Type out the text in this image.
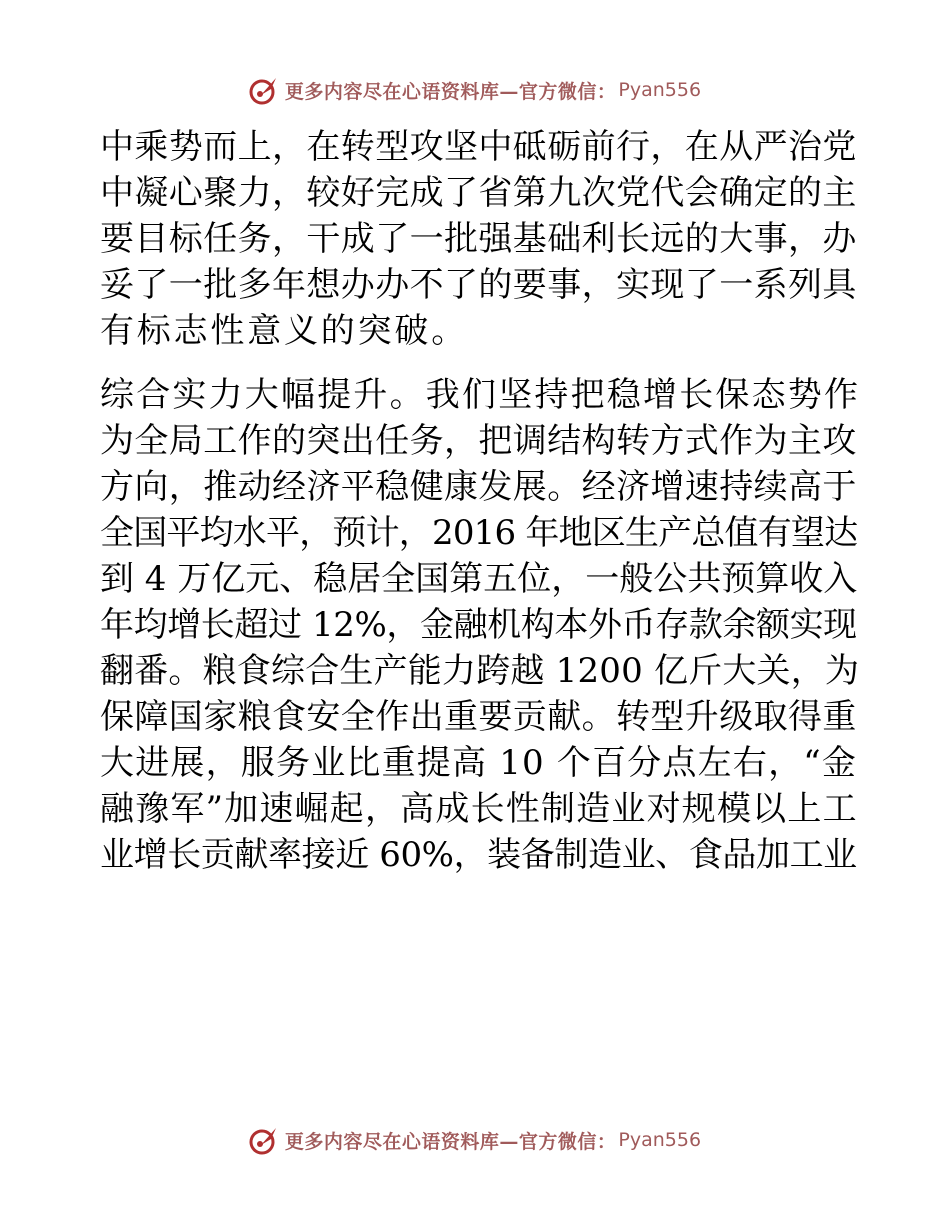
更多内容尽在心语资料库—官方微信： Pyan556
中乘势而上，在转型攻坚中砥砺前行，在从严治党
中凝心聚力，较好完成了省第九次党代会确定的主
要目标任务，干成了一批强基础利长远的大事，办
妥了一批多年想办办不了的要事，实现了一系列具
有标志性意义的突破。
综合实力大幅提升。我们坚持把稳增长保态势作
为全局工作的突出任务，把调结构转方式作为主攻
方向，推动经济平稳健康发展。经济增速持续高于
全国平均水平，预计，2016 年地区生产总值有望达
到 4 万亿元、稳居全国第五位，一般公共预算收入
年均增长超过 12%，金融机构本外币存款余额实现
翻番。粮食综合生产能力跨越 1200 亿斤大关，为
保障国家粮食安全作出重要贡献。转型升级取得重
大进展，服务业比重提高 10 个百分点左右，“金
融豫军”加速崛起，高成长性制造业对规模以上工
业增长贡献率接近 60%，装备制造业、食品加工业
更多内容尽在心语资料库—官方微信： Pyan556
